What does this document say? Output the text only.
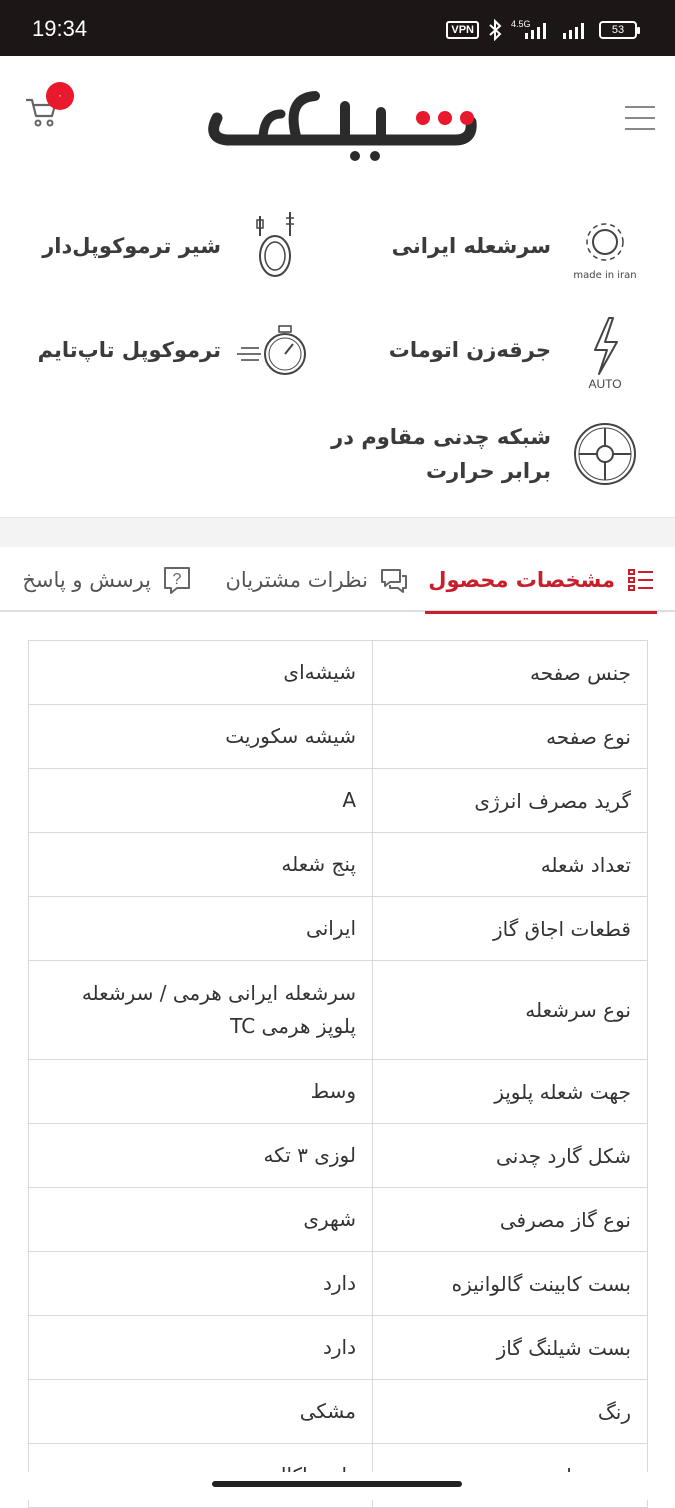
19:34	VPN	4.5G	53
۰
made in iran
سرشعله ایرانی
شیر ترموکوپل‌دار
AUTO
جرقه‌زن اتومات
ترموکوپل تاپ‌تایم
شبکه چدنی مقاوم در
برابر حرارت
مشخصات محصول
نظرات مشتریان
?
پرسش و پاسخ
جنس صفحه	شیشه‌ای
نوع صفحه	شیشه سکوریت
گرید مصرف انرژی	A
تعداد شعله	پنج شعله
قطعات اجاق گاز	ایرانی
نوع سرشعله	سرشعله ایرانی هرمی / سرشعله پلوپز هرمی TC
جهت شعله پلوپز	وسط
شکل گارد چدنی	لوزی ۳ تکه
نوع گاز مصرفی	شهری
بست کابینت گالوانیزه	دارد
بست شیلنگ گاز	دارد
رنگ	مشکی
